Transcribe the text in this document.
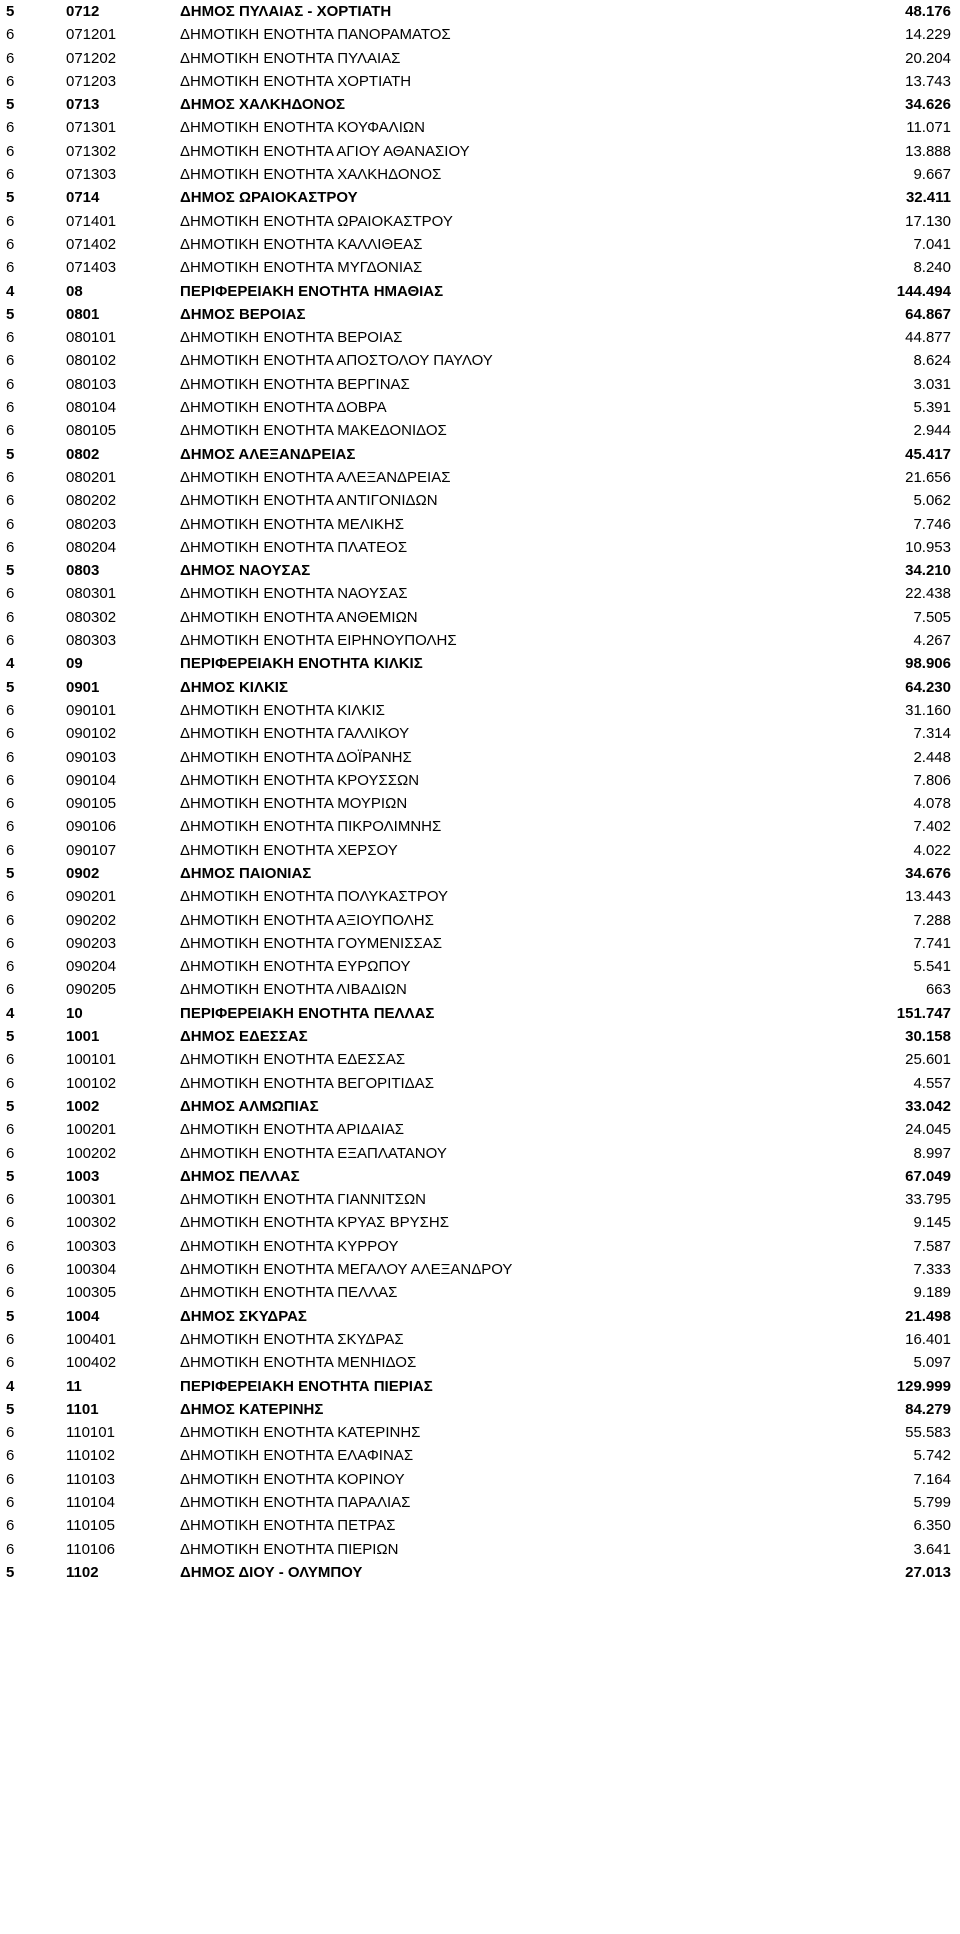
5	0712	ΔΗΜΟΣ ΠΥΛΑΙΑΣ - ΧΟΡΤΙΑΤΗ	48.176
6	071201	ΔΗΜΟΤΙΚΗ ΕΝΟΤΗΤΑ ΠΑΝΟΡΑΜΑΤΟΣ	14.229
6	071202	ΔΗΜΟΤΙΚΗ ΕΝΟΤΗΤΑ ΠΥΛΑΙΑΣ	20.204
6	071203	ΔΗΜΟΤΙΚΗ ΕΝΟΤΗΤΑ ΧΟΡΤΙΑΤΗ	13.743
5	0713	ΔΗΜΟΣ ΧΑΛΚΗΔΟΝΟΣ	34.626
6	071301	ΔΗΜΟΤΙΚΗ ΕΝΟΤΗΤΑ ΚΟΥΦΑΛΙΩΝ	11.071
6	071302	ΔΗΜΟΤΙΚΗ ΕΝΟΤΗΤΑ ΑΓΙΟΥ ΑΘΑΝΑΣΙΟΥ	13.888
6	071303	ΔΗΜΟΤΙΚΗ ΕΝΟΤΗΤΑ ΧΑΛΚΗΔΟΝΟΣ	9.667
5	0714	ΔΗΜΟΣ ΩΡΑΙΟΚΑΣΤΡΟΥ	32.411
6	071401	ΔΗΜΟΤΙΚΗ ΕΝΟΤΗΤΑ ΩΡΑΙΟΚΑΣΤΡΟΥ	17.130
6	071402	ΔΗΜΟΤΙΚΗ ΕΝΟΤΗΤΑ ΚΑΛΛΙΘΕΑΣ	7.041
6	071403	ΔΗΜΟΤΙΚΗ ΕΝΟΤΗΤΑ ΜΥΓΔΟΝΙΑΣ	8.240
4	08	ΠΕΡΙΦΕΡΕΙΑΚΗ ΕΝΟΤΗΤΑ ΗΜΑΘΙΑΣ	144.494
5	0801	ΔΗΜΟΣ ΒΕΡΟΙΑΣ	64.867
6	080101	ΔΗΜΟΤΙΚΗ ΕΝΟΤΗΤΑ ΒΕΡΟΙΑΣ	44.877
6	080102	ΔΗΜΟΤΙΚΗ ΕΝΟΤΗΤΑ ΑΠΟΣΤΟΛΟΥ ΠΑΥΛΟΥ	8.624
6	080103	ΔΗΜΟΤΙΚΗ ΕΝΟΤΗΤΑ ΒΕΡΓΙΝΑΣ	3.031
6	080104	ΔΗΜΟΤΙΚΗ ΕΝΟΤΗΤΑ ΔΟΒΡΑ	5.391
6	080105	ΔΗΜΟΤΙΚΗ ΕΝΟΤΗΤΑ ΜΑΚΕΔΟΝΙΔΟΣ	2.944
5	0802	ΔΗΜΟΣ ΑΛΕΞΑΝΔΡΕΙΑΣ	45.417
6	080201	ΔΗΜΟΤΙΚΗ ΕΝΟΤΗΤΑ ΑΛΕΞΑΝΔΡΕΙΑΣ	21.656
6	080202	ΔΗΜΟΤΙΚΗ ΕΝΟΤΗΤΑ ΑΝΤΙΓΟΝΙΔΩΝ	5.062
6	080203	ΔΗΜΟΤΙΚΗ ΕΝΟΤΗΤΑ ΜΕΛΙΚΗΣ	7.746
6	080204	ΔΗΜΟΤΙΚΗ ΕΝΟΤΗΤΑ ΠΛΑΤΕΟΣ	10.953
5	0803	ΔΗΜΟΣ ΝΑΟΥΣΑΣ	34.210
6	080301	ΔΗΜΟΤΙΚΗ ΕΝΟΤΗΤΑ ΝΑΟΥΣΑΣ	22.438
6	080302	ΔΗΜΟΤΙΚΗ ΕΝΟΤΗΤΑ ΑΝΘΕΜΙΩΝ	7.505
6	080303	ΔΗΜΟΤΙΚΗ ΕΝΟΤΗΤΑ ΕΙΡΗΝΟΥΠΟΛΗΣ	4.267
4	09	ΠΕΡΙΦΕΡΕΙΑΚΗ ΕΝΟΤΗΤΑ ΚΙΛΚΙΣ	98.906
5	0901	ΔΗΜΟΣ ΚΙΛΚΙΣ	64.230
6	090101	ΔΗΜΟΤΙΚΗ ΕΝΟΤΗΤΑ ΚΙΛΚΙΣ	31.160
6	090102	ΔΗΜΟΤΙΚΗ ΕΝΟΤΗΤΑ ΓΑΛΛΙΚΟΥ	7.314
6	090103	ΔΗΜΟΤΙΚΗ ΕΝΟΤΗΤΑ ΔΟΪΡΑΝΗΣ	2.448
6	090104	ΔΗΜΟΤΙΚΗ ΕΝΟΤΗΤΑ ΚΡΟΥΣΣΩΝ	7.806
6	090105	ΔΗΜΟΤΙΚΗ ΕΝΟΤΗΤΑ ΜΟΥΡΙΩΝ	4.078
6	090106	ΔΗΜΟΤΙΚΗ ΕΝΟΤΗΤΑ ΠΙΚΡΟΛΙΜΝΗΣ	7.402
6	090107	ΔΗΜΟΤΙΚΗ ΕΝΟΤΗΤΑ ΧΕΡΣΟΥ	4.022
5	0902	ΔΗΜΟΣ ΠΑΙΟΝΙΑΣ	34.676
6	090201	ΔΗΜΟΤΙΚΗ ΕΝΟΤΗΤΑ ΠΟΛΥΚΑΣΤΡΟΥ	13.443
6	090202	ΔΗΜΟΤΙΚΗ ΕΝΟΤΗΤΑ ΑΞΙΟΥΠΟΛΗΣ	7.288
6	090203	ΔΗΜΟΤΙΚΗ ΕΝΟΤΗΤΑ ΓΟΥΜΕΝΙΣΣΑΣ	7.741
6	090204	ΔΗΜΟΤΙΚΗ ΕΝΟΤΗΤΑ ΕΥΡΩΠΟΥ	5.541
6	090205	ΔΗΜΟΤΙΚΗ ΕΝΟΤΗΤΑ ΛΙΒΑΔΙΩΝ	663
4	10	ΠΕΡΙΦΕΡΕΙΑΚΗ ΕΝΟΤΗΤΑ ΠΕΛΛΑΣ	151.747
5	1001	ΔΗΜΟΣ ΕΔΕΣΣΑΣ	30.158
6	100101	ΔΗΜΟΤΙΚΗ ΕΝΟΤΗΤΑ ΕΔΕΣΣΑΣ	25.601
6	100102	ΔΗΜΟΤΙΚΗ ΕΝΟΤΗΤΑ ΒΕΓΟΡΙΤΙΔΑΣ	4.557
5	1002	ΔΗΜΟΣ ΑΛΜΩΠΙΑΣ	33.042
6	100201	ΔΗΜΟΤΙΚΗ ΕΝΟΤΗΤΑ ΑΡΙΔΑΙΑΣ	24.045
6	100202	ΔΗΜΟΤΙΚΗ ΕΝΟΤΗΤΑ ΕΞΑΠΛΑΤΑΝΟΥ	8.997
5	1003	ΔΗΜΟΣ ΠΕΛΛΑΣ	67.049
6	100301	ΔΗΜΟΤΙΚΗ ΕΝΟΤΗΤΑ ΓΙΑΝΝΙΤΣΩΝ	33.795
6	100302	ΔΗΜΟΤΙΚΗ ΕΝΟΤΗΤΑ ΚΡΥΑΣ ΒΡΥΣΗΣ	9.145
6	100303	ΔΗΜΟΤΙΚΗ ΕΝΟΤΗΤΑ ΚΥΡΡΟΥ	7.587
6	100304	ΔΗΜΟΤΙΚΗ ΕΝΟΤΗΤΑ ΜΕΓΑΛΟΥ ΑΛΕΞΑΝΔΡΟΥ	7.333
6	100305	ΔΗΜΟΤΙΚΗ ΕΝΟΤΗΤΑ ΠΕΛΛΑΣ	9.189
5	1004	ΔΗΜΟΣ ΣΚΥΔΡΑΣ	21.498
6	100401	ΔΗΜΟΤΙΚΗ ΕΝΟΤΗΤΑ ΣΚΥΔΡΑΣ	16.401
6	100402	ΔΗΜΟΤΙΚΗ ΕΝΟΤΗΤΑ ΜΕΝΗΙΔΟΣ	5.097
4	11	ΠΕΡΙΦΕΡΕΙΑΚΗ ΕΝΟΤΗΤΑ ΠΙΕΡΙΑΣ	129.999
5	1101	ΔΗΜΟΣ ΚΑΤΕΡΙΝΗΣ	84.279
6	110101	ΔΗΜΟΤΙΚΗ ΕΝΟΤΗΤΑ ΚΑΤΕΡΙΝΗΣ	55.583
6	110102	ΔΗΜΟΤΙΚΗ ΕΝΟΤΗΤΑ ΕΛΑΦΙΝΑΣ	5.742
6	110103	ΔΗΜΟΤΙΚΗ ΕΝΟΤΗΤΑ ΚΟΡΙΝΟΥ	7.164
6	110104	ΔΗΜΟΤΙΚΗ ΕΝΟΤΗΤΑ ΠΑΡΑΛΙΑΣ	5.799
6	110105	ΔΗΜΟΤΙΚΗ ΕΝΟΤΗΤΑ ΠΕΤΡΑΣ	6.350
6	110106	ΔΗΜΟΤΙΚΗ ΕΝΟΤΗΤΑ ΠΙΕΡΙΩΝ	3.641
5	1102	ΔΗΜΟΣ ΔΙΟΥ - ΟΛΥΜΠΟΥ	27.013
